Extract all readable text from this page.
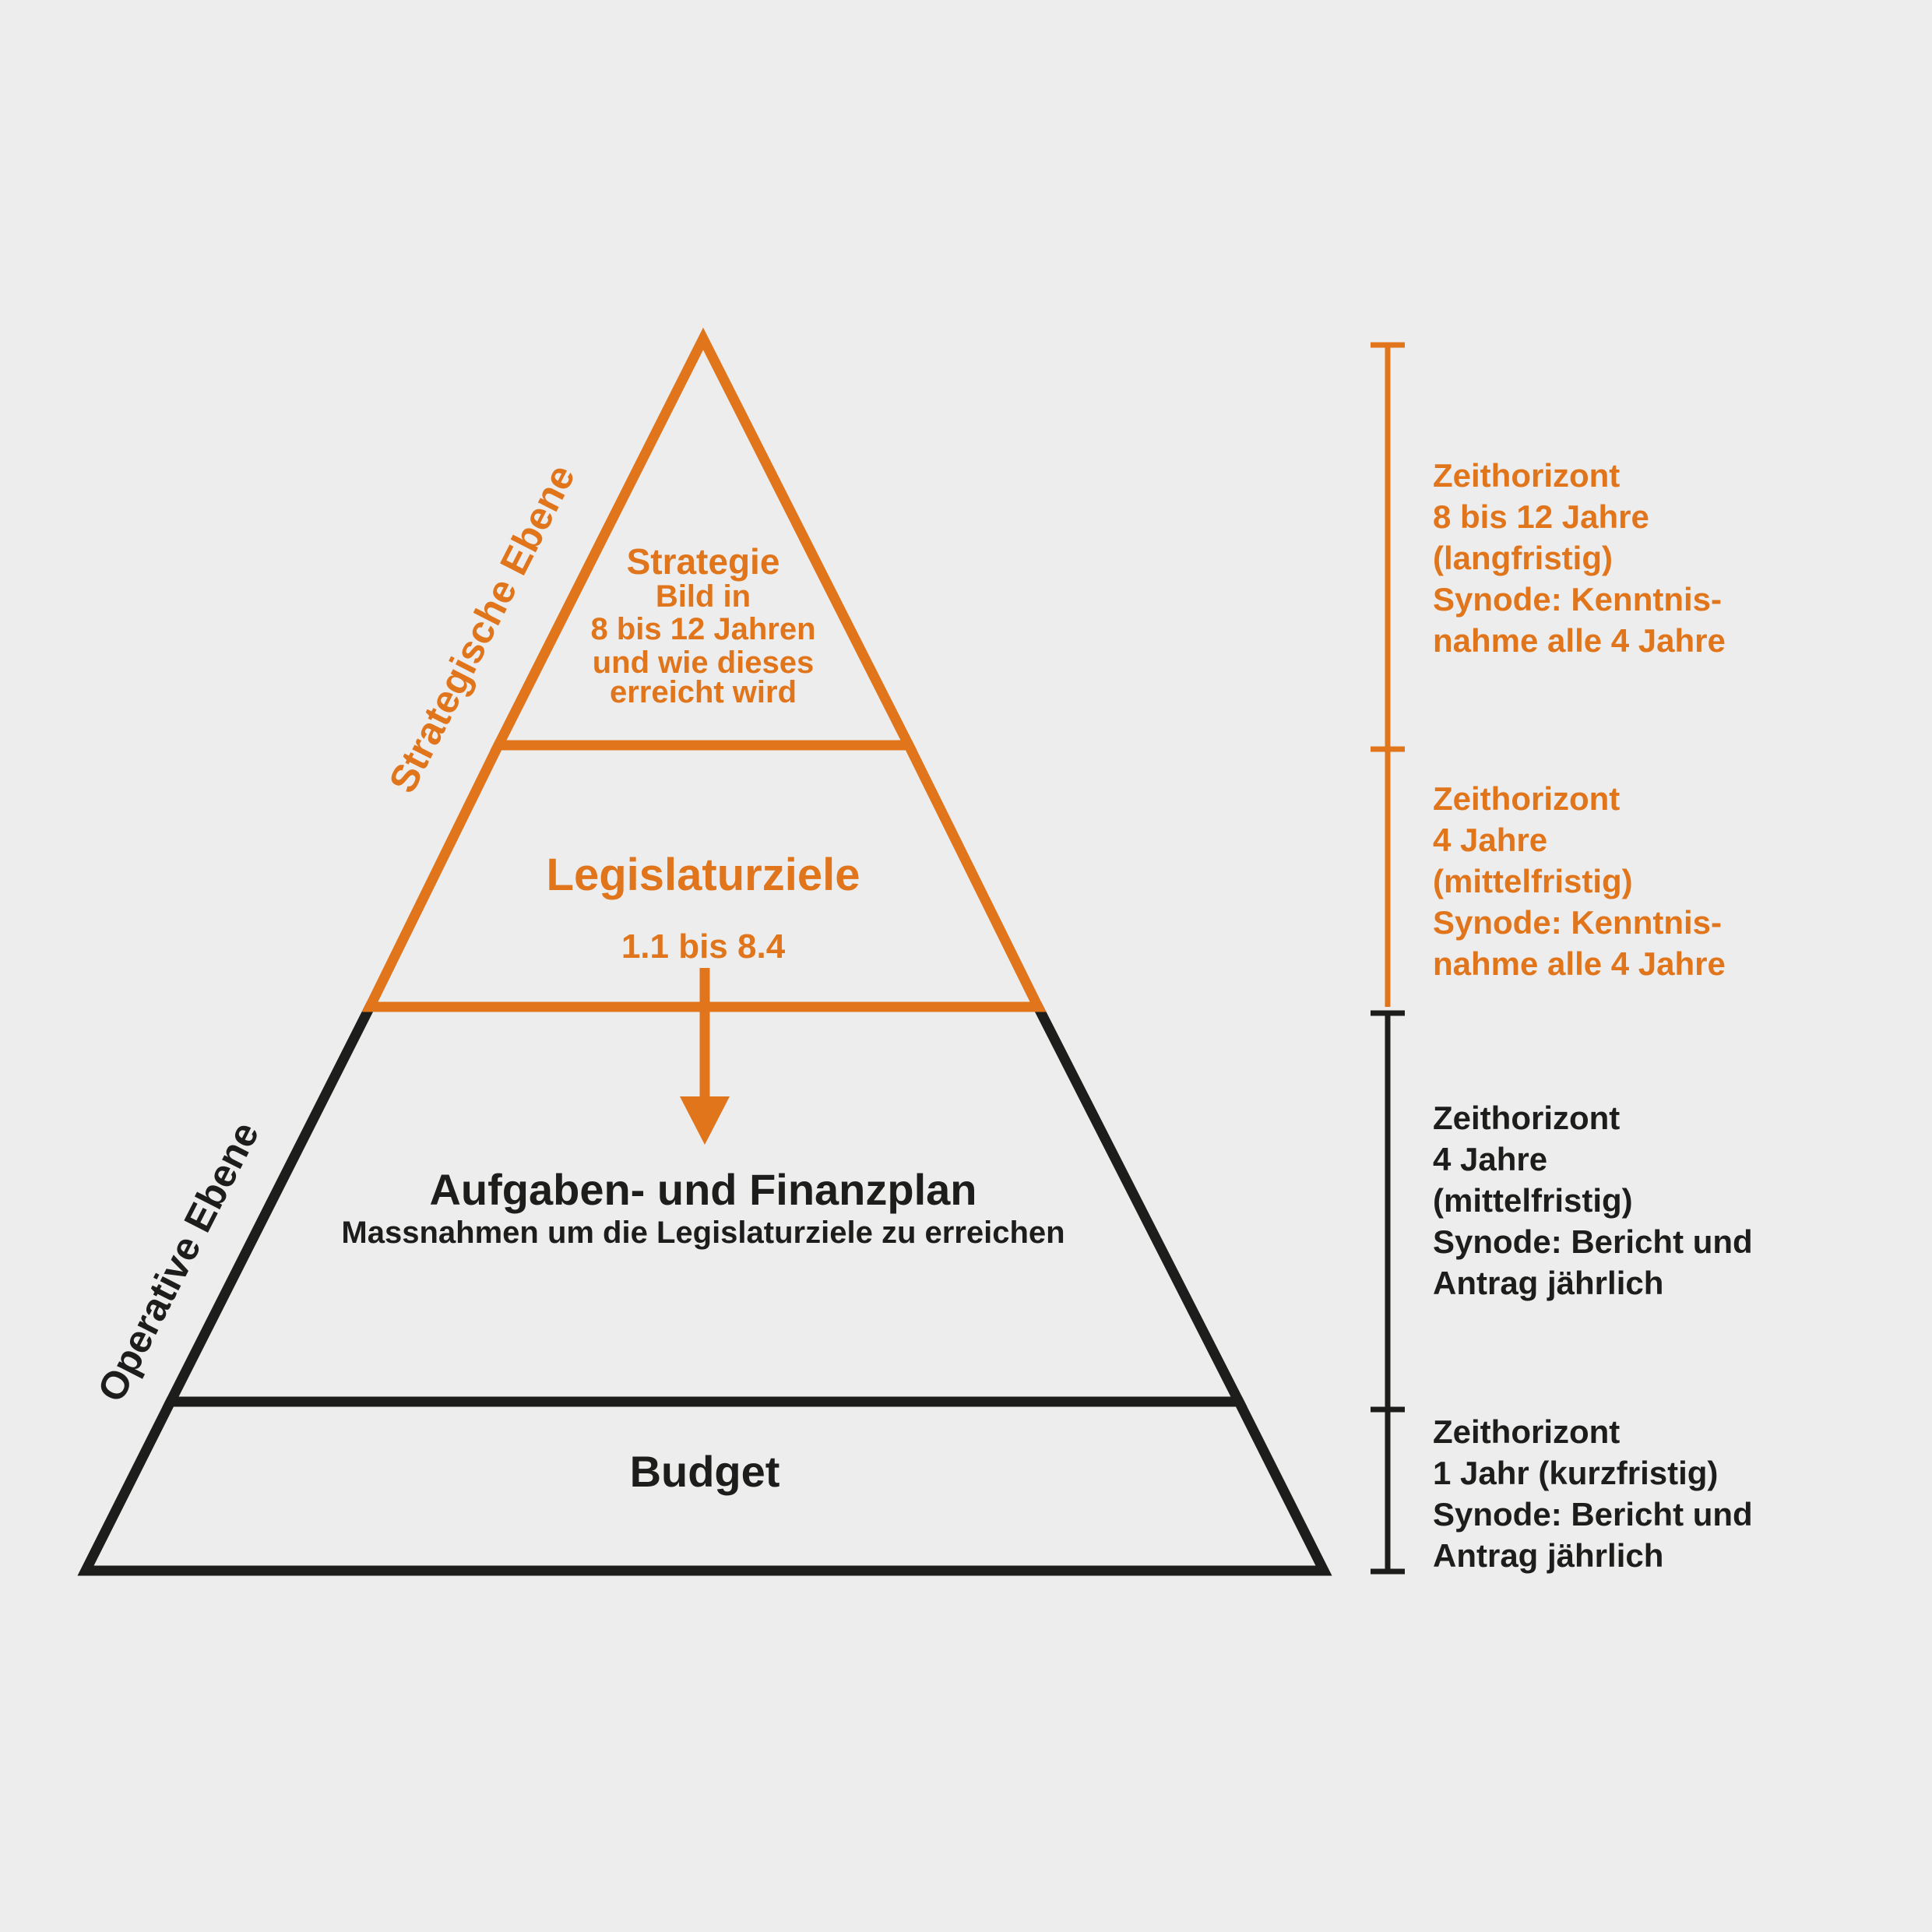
Strategie
Bild in
8 bis 12 Jahren
und wie dieses
erreicht wird
Legislaturziele
1.1 bis 8.4
Aufgaben- und Finanzplan
Massnahmen um die Legislaturziele zu erreichen
Budget
Strategische Ebene
Operative Ebene
Zeithorizont
8 bis 12 Jahre
(langfristig)
Synode: Kenntnis-
nahme alle 4 Jahre
Zeithorizont
4 Jahre
(mittelfristig)
Synode: Kenntnis-
nahme alle 4 Jahre
Zeithorizont
4 Jahre
(mittelfristig)
Synode: Bericht und
Antrag jährlich
Zeithorizont
1 Jahr (kurzfristig)
Synode: Bericht und
Antrag jährlich
